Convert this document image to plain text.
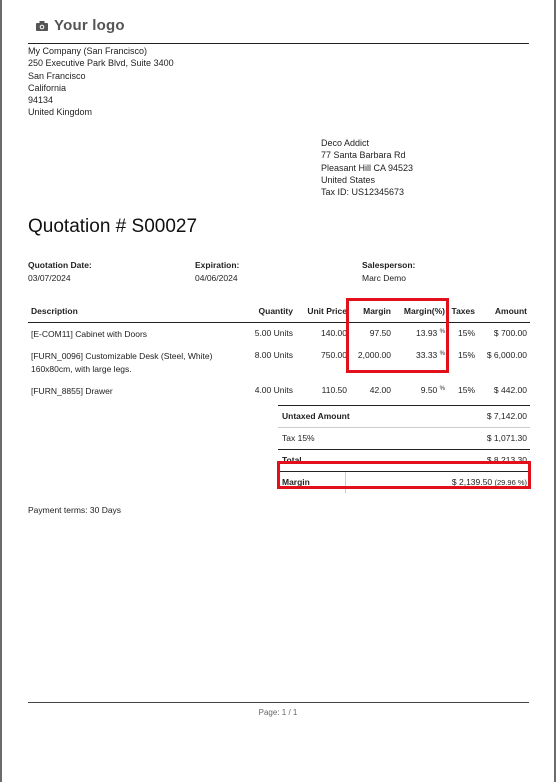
Your logo
My Company (San Francisco)
250 Executive Park Blvd, Suite 3400
San Francisco
California
94134
United Kingdom
Deco Addict
77 Santa Barbara Rd
Pleasant Hill CA 94523
United States
Tax ID: US12345673
Quotation # S00027
Quotation Date:
03/07/2024
Expiration:
04/06/2024
Salesperson:
Marc Demo
Description	Quantity	Unit Price	Margin	Margin(%)	Taxes	Amount
[E-COM11] Cabinet with Doors	5.00 Units	140.00	97.50	13.93 %	15%	$ 700.00
[FURN_0096] Customizable Desk (Steel, White) 160x80cm, with large legs.	8.00 Units	750.00	2,000.00	33.33 %	15%	$ 6,000.00
[FURN_8855] Drawer	4.00 Units	110.50	42.00	9.50 %	15%	$ 442.00
Untaxed Amount		$ 7,142.00
Tax 15%		$ 1,071.30
Total		$ 8,213.30
Margin	$ 2,139.50 (29.96 %)	
Payment terms: 30 Days
Page: 1 / 1
